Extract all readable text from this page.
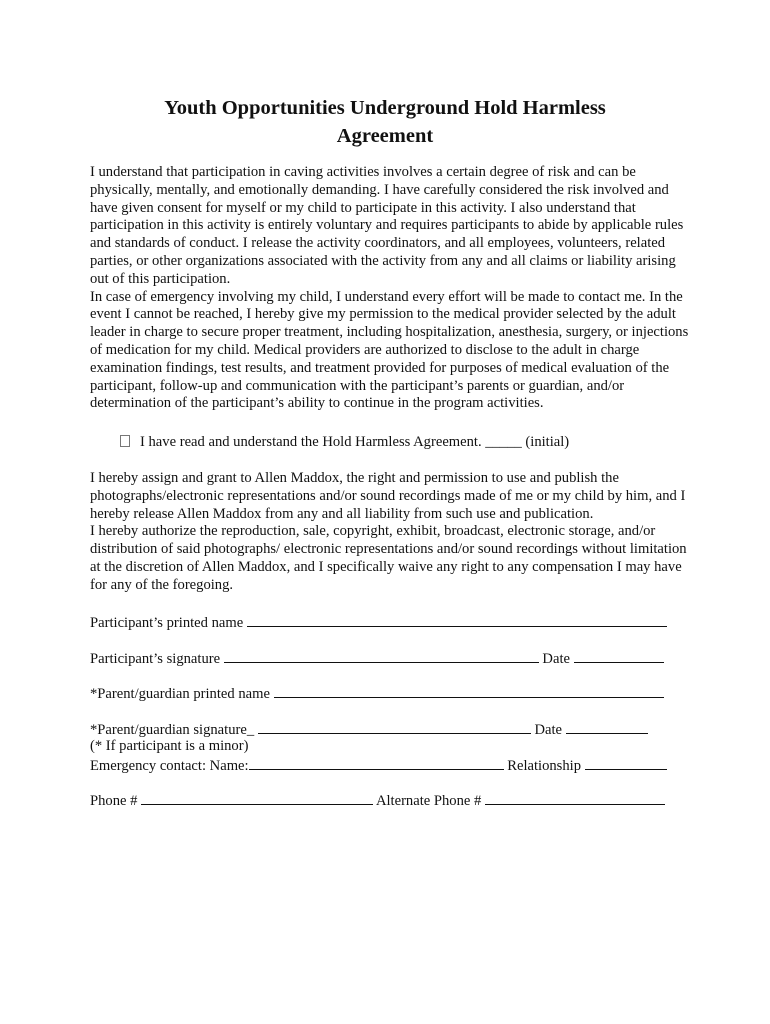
Youth Opportunities Underground Hold Harmless
Agreement

I understand that participation in caving activities involves a certain degree of risk and can be physically, mentally, and emotionally demanding. I have carefully considered the risk involved and have given consent for myself or my child to participate in this activity. I also understand that participation in this activity is entirely voluntary and requires participants to abide by applicable rules and standards of conduct. I release the activity coordinators, and all employees, volunteers, related parties, or other organizations associated with the activity from any and all claims or liability arising out of this participation.

In case of emergency involving my child, I understand every effort will be made to contact me. In the event I cannot be reached, I hereby give my permission to the medical provider selected by the adult leader in charge to secure proper treatment, including hospitalization, anesthesia, surgery, or injections of medication for my child. Medical providers are authorized to disclose to the adult in charge examination findings, test results, and treatment provided for purposes of medical evaluation of the participant, follow-up and communication with the participant’s parents or guardian, and/or determination of the participant’s ability to continue in the program activities.

I have read and understand the Hold Harmless Agreement. _____ (initial)

I hereby assign and grant to Allen Maddox, the right and permission to use and publish the photographs/electronic representations and/or sound recordings made of me or my child by him, and I hereby release Allen Maddox from any and all liability from such use and publication.

I hereby authorize the reproduction, sale, copyright, exhibit, broadcast, electronic storage, and/or distribution of said photographs/ electronic representations and/or sound recordings without limitation at the discretion of Allen Maddox, and I specifically waive any right to any compensation I may have for any of the foregoing.

Participant’s printed name
Participant’s signature	Date
*Parent/guardian printed name
*Parent/guardian signature_	Date
(* If participant is a minor)
Emergency contact: Name:	Relationship
Phone #	Alternate Phone #
